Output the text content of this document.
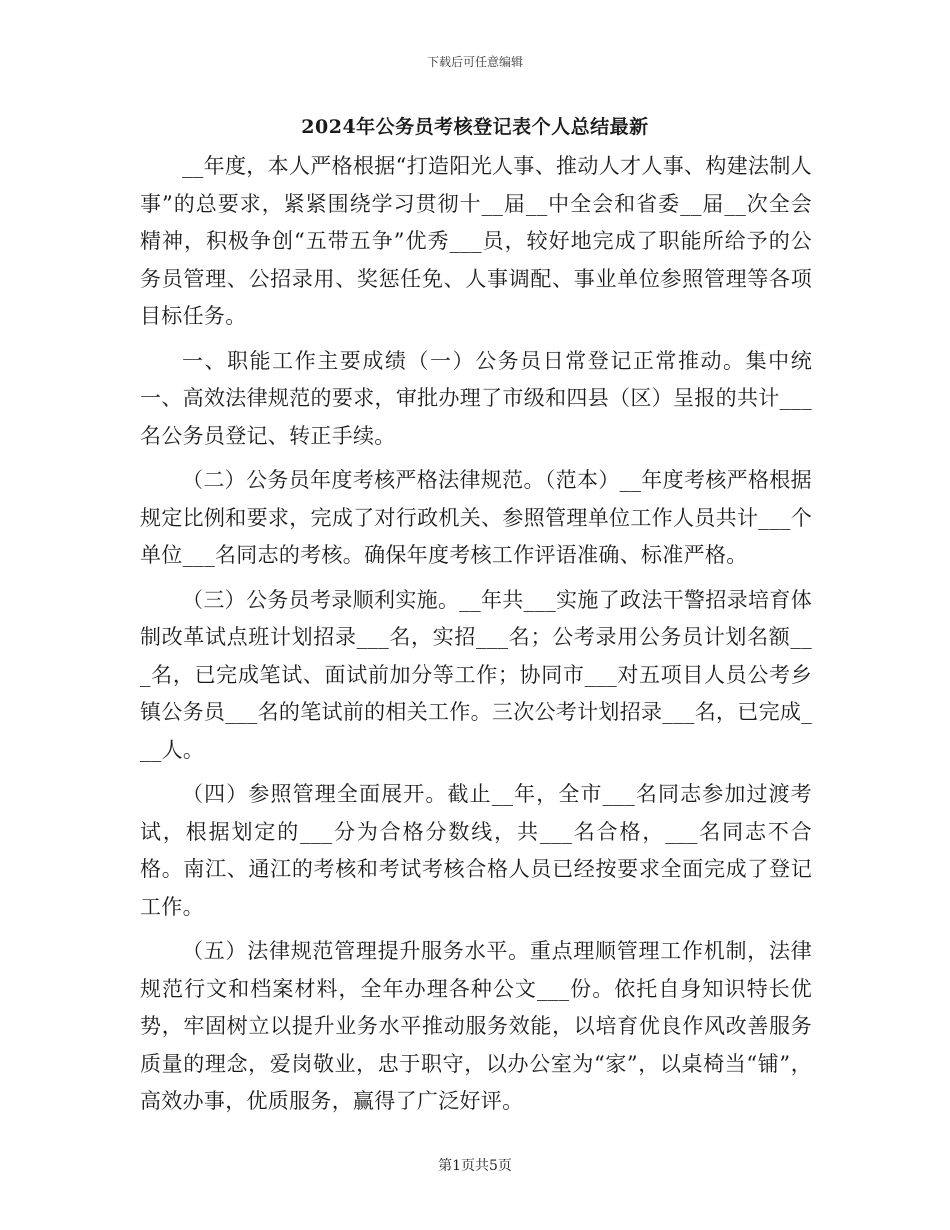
下载后可任意编辑
2024年公务员考核登记表个人总结最新

__年度，本人严格根据“打造阳光人事、推动人才人事、构建法制人事”的总要求，紧紧围绕学习贯彻十__届__中全会和省委__届__次全会精神，积极争创“五带五争”优秀___员，较好地完成了职能所给予的公务员管理、公招录用、奖惩任免、人事调配、事业单位参照管理等各项目标任务。

一、职能工作主要成绩（一）公务员日常登记正常推动。集中统一、高效法律规范的要求，审批办理了市级和四县（区）呈报的共计___名公务员登记、转正手续。

（二）公务员年度考核严格法律规范。（范本）__年度考核严格根据规定比例和要求，完成了对行政机关、参照管理单位工作人员共计___个单位___名同志的考核。确保年度考核工作评语准确、标准严格。

（三）公务员考录顺利实施。__年共___实施了政法干警招录培育体制改革试点班计划招录___名，实招___名；公考录用公务员计划名额___名，已完成笔试、面试前加分等工作；协同市___对五项目人员公考乡镇公务员___名的笔试前的相关工作。三次公考计划招录___名，已完成___人。

（四）参照管理全面展开。截止__年，全市___名同志参加过渡考试，根据划定的___分为合格分数线，共___名合格，___名同志不合格。南江、通江的考核和考试考核合格人员已经按要求全面完成了登记工作。

（五）法律规范管理提升服务水平。重点理顺管理工作机制，法律规范行文和档案材料，全年办理各种公文___份。依托自身知识特长优势，牢固树立以提升业务水平推动服务效能，以培育优良作风改善服务质量的理念，爱岗敬业，忠于职守，以办公室为“家”，以桌椅当“铺”，高效办事，优质服务，赢得了广泛好评。

第1页共5页
